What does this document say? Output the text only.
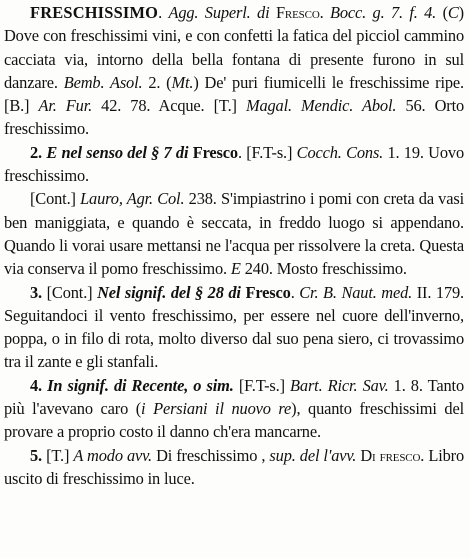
FRESCHISSIMO. Agg. Superl. di Fresco. Bocc. g. 7. f. 4. (C) Dove con freschissimi vini, e con confetti la fatica del picciol cammino cacciata via, intorno della bella fontana di presente furono in sul danzare. Bemb. Asol. 2. (Mt.) De' puri fiumicelli le freschissime ripe. [B.] Ar. Fur. 42. 78. Acque. [T.] Magal. Mendic. Abol. 56. Orto freschissimo.

2. E nel senso del § 7 di Fresco. [F.T-s.] Cocch. Cons. 1. 19. Uovo freschissimo.

[Cont.] Lauro, Agr. Col. 238. S'impiastrino i pomi con creta da vasi ben maniggiata, e quando è seccata, in freddo luogo si appendano. Quando li vorai usare mettansi ne l'acqua per rissolvere la creta. Questa via conserva il pomo freschissimo. E 240. Mosto freschissimo.

3. [Cont.] Nel signif. del § 28 di Fresco. Cr. B. Naut. med. II. 179. Seguitandoci il vento freschissimo, per essere nel cuore dell'inverno, poppa, o in filo di rota, molto diverso dal suo pena siero, ci trovassimo tra il zante e gli stanfali.

4. In signif. di Recente, o sim. [F.T-s.] Bart. Ricr. Sav. 1. 8. Tanto più l'avevano caro (i Persiani il nuovo re), quanto freschissimi del provare a proprio costo il danno ch'era mancarne.

5. [T.] A modo avv. Di freschissimo , sup. del l'avv. Di fresco. Libro uscito di freschissimo in luce.
